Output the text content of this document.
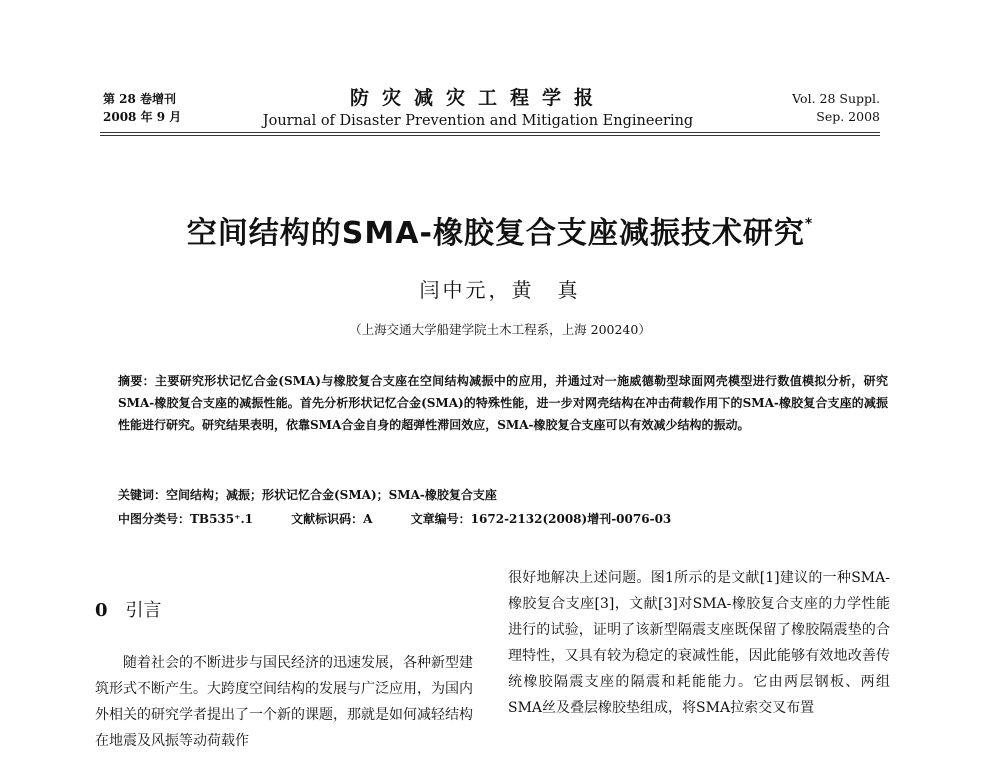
第 28 卷增刊
2008 年 9 月
防灾减灾工程学报
Journal of Disaster Prevention and Mitigation Engineering
Vol. 28 Suppl.
Sep. 2008
空间结构的SMA-橡胶复合支座减振技术研究*
闫中元，黄　真
（上海交通大学船建学院土木工程系，上海 200240）
摘要：主要研究形状记忆合金(SMA)与橡胶复合支座在空间结构减振中的应用，并通过对一施威德勒型球面网壳模型进行数值模拟分析，研究SMA-橡胶复合支座的减振性能。首先分析形状记忆合金(SMA)的特殊性能，进一步对网壳结构在冲击荷载作用下的SMA-橡胶复合支座的减振性能进行研究。研究结果表明，依靠SMA合金自身的超弹性滞回效应，SMA-橡胶复合支座可以有效减少结构的振动。
关键词：空间结构；减振；形状记忆合金(SMA)；SMA-橡胶复合支座
中图分类号：TB535⁺.1	文献标识码：A	文章编号：1672-2132(2008)增刊-0076-03
0 引言
随着社会的不断进步与国民经济的迅速发展，各种新型建筑形式不断产生。大跨度空间结构的发展与广泛应用，为国内外相关的研究学者提出了一个新的课题，那就是如何减轻结构在地震及风振等动荷载作
很好地解决上述问题。图1所示的是文献[1]建议的一种SMA-橡胶复合支座[3]，文献[3]对SMA-橡胶复合支座的力学性能进行的试验，证明了该新型隔震支座既保留了橡胶隔震垫的合理特性，又具有较为稳定的衰减性能，因此能够有效地改善传统橡胶隔震支座的隔震和耗能能力。它由两层钢板、两组SMA丝及叠层橡胶垫组成，将SMA拉索交叉布置
